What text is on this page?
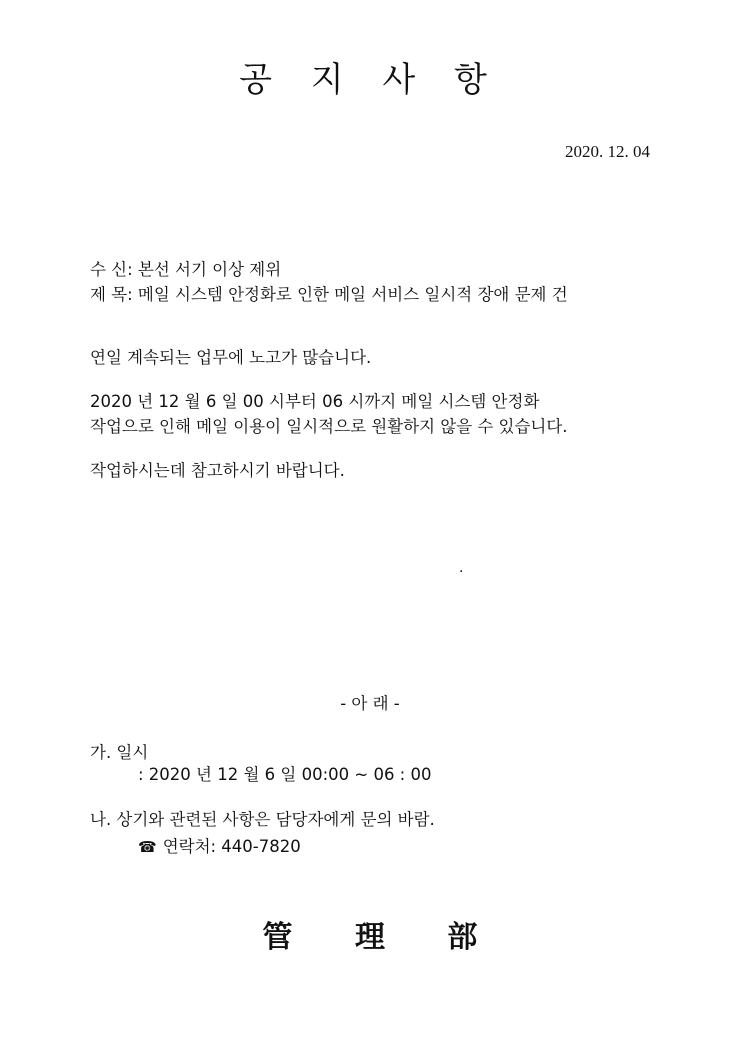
공 지 사 항
2020. 12. 04
수 신: 본선 서기 이상 제위
제 목: 메일 시스템 안정화로 인한 메일 서비스 일시적 장애 문제 건
연일 계속되는 업무에 노고가 많습니다.
2020 년 12 월 6 일 00 시부터 06 시까지 메일 시스템 안정화
작업으로 인해 메일 이용이 일시적으로 원활하지 않을 수 있습니다.
작업하시는데 참고하시기 바랍니다.
.
- 아 래 -
가. 일시
: 2020 년 12 월 6 일 00:00 ~ 06 : 00
나. 상기와 관련된 사항은 담당자에게 문의 바람.
☎ 연락처: 440-7820
管 理 部
